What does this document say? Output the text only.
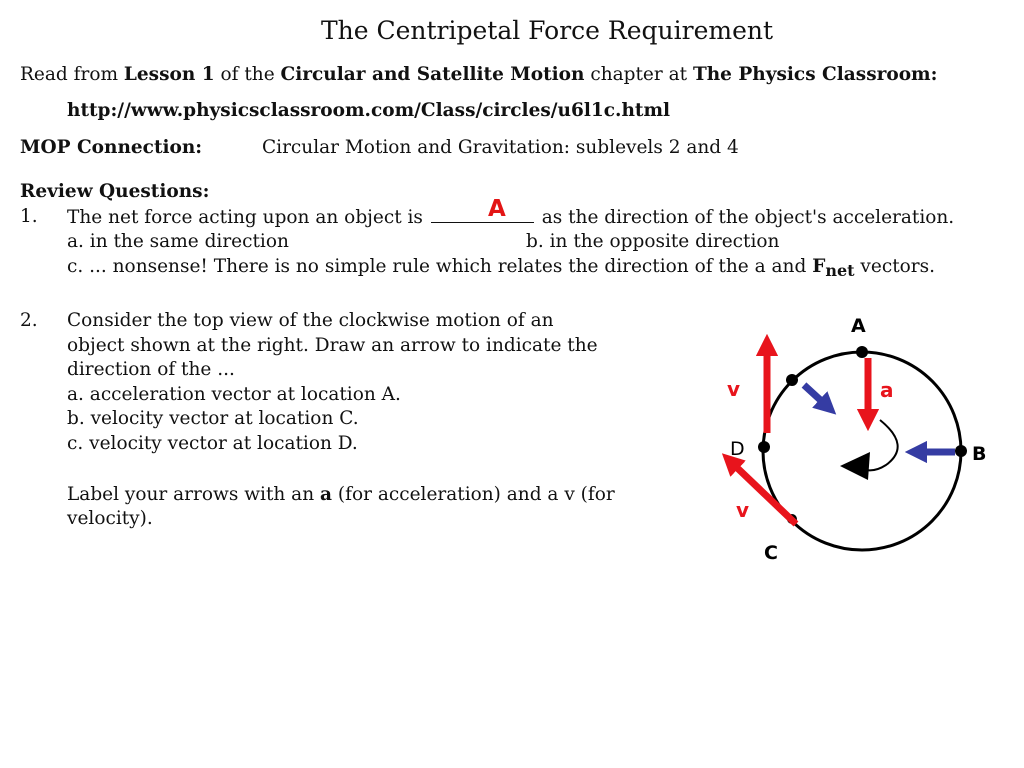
The Centripetal Force Requirement
Read from Lesson 1 of the Circular and Satellite Motion chapter at The Physics Classroom:
http://www.physicsclassroom.com/Class/circles/u6l1c.html
MOP Connection:	Circular Motion and Gravitation: sublevels 2 and 4
Review Questions:
1. The net force acting upon an object is	as the direction of the object's acceleration.
A
a. in the same direction	b. in the opposite direction
c. ... nonsense! There is no simple rule which relates the direction of the a and $F_{net}$ vectors.
2. Consider the top view of the clockwise motion of an
object shown at the right. Draw an arrow to indicate the
direction of the ...
a. acceleration vector at location A.
b. velocity vector at location C.
c. velocity vector at location D.
Label your arrows with an a (for acceleration) and a v (for
velocity).
A
B
C
D
v	a
v
